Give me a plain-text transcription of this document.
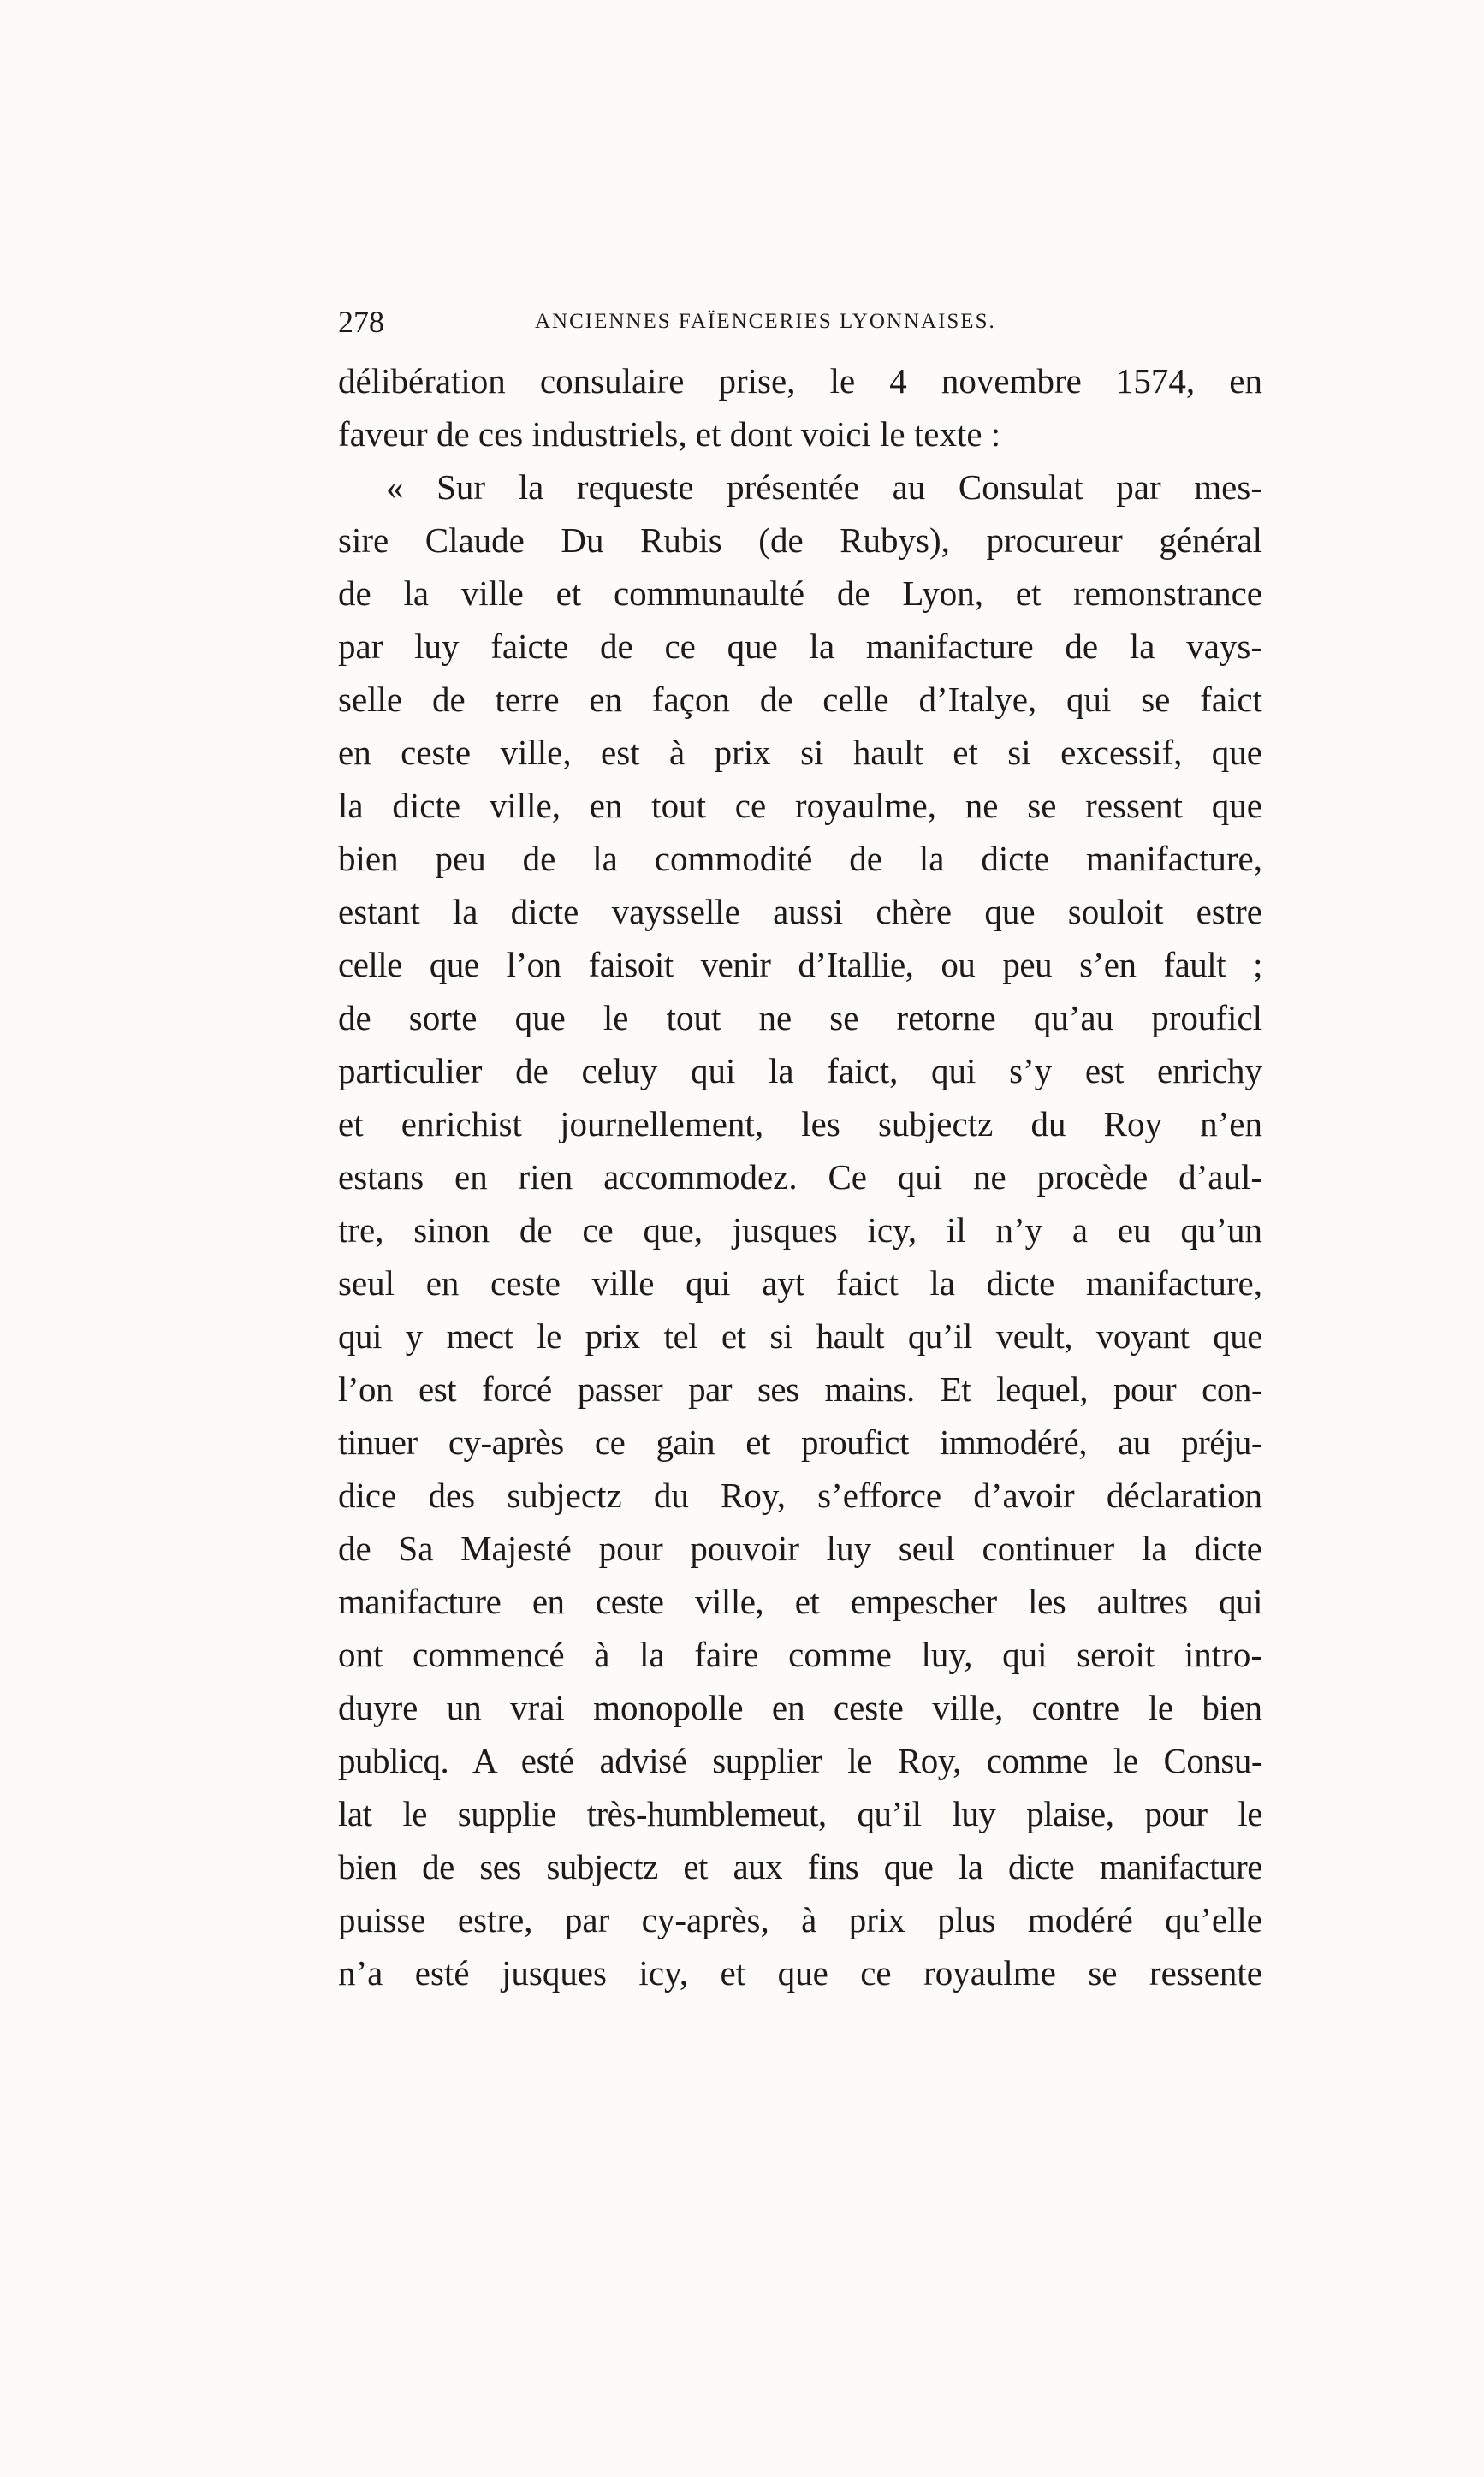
278	ANCIENNES FAÏENCERIES LYONNAISES.
délibération consulaire prise, le 4 novembre 1574, en
faveur de ces industriels, et dont voici le texte :
« Sur la requeste présentée au Consulat par mes-
sire Claude Du Rubis (de Rubys), procureur général
de la ville et communaulté de Lyon, et remonstrance
par luy faicte de ce que la manifacture de la vays-
selle de terre en façon de celle d’Italye, qui se faict
en ceste ville, est à prix si hault et si excessif, que
la dicte ville, en tout ce royaulme, ne se ressent que
bien peu de la commodité de la dicte manifacture,
estant la dicte vaysselle aussi chère que souloit estre
celle que l’on faisoit venir d’Itallie, ou peu s’en fault ;
de sorte que le tout ne se retorne qu’au prouficl
particulier de celuy qui la faict, qui s’y est enrichy
et enrichist journellement, les subjectz du Roy n’en
estans en rien accommodez. Ce qui ne procède d’aul-
tre, sinon de ce que, jusques icy, il n’y a eu qu’un
seul en ceste ville qui ayt faict la dicte manifacture,
qui y mect le prix tel et si hault qu’il veult, voyant que
l’on est forcé passer par ses mains. Et lequel, pour con-
tinuer cy-après ce gain et proufict immodéré, au préju-
dice des subjectz du Roy, s’efforce d’avoir déclaration
de Sa Majesté pour pouvoir luy seul continuer la dicte
manifacture en ceste ville, et empescher les aultres qui
ont commencé à la faire comme luy, qui seroit intro-
duyre un vrai monopolle en ceste ville, contre le bien
publicq. A esté advisé supplier le Roy, comme le Consu-
lat le supplie très-humblemeut, qu’il luy plaise, pour le
bien de ses subjectz et aux fins que la dicte manifacture
puisse estre, par cy-après, à prix plus modéré qu’elle
n’a esté jusques icy, et que ce royaulme se ressente
